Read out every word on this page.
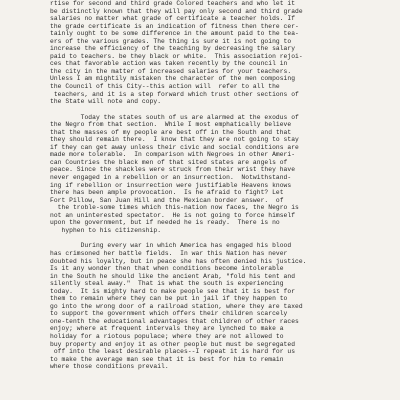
rtise for second and third grade Colored teachers and who let it
be distinctly known that they will pay only second and third grade
salaries no matter what grade of certificate a teacher holds. If
the grade certificate is an indication of fitness then there cer-
tainly ought to be some difference in the amount paid to the tea-
ers of the various grades. The thing is sure it is not going to
increase the efficiency of the teaching by decreasing the salary
paid to teachers. be they black or white.  This association rejoi-
ces that favorable action was taken recently by the council in
the city in the matter of increased salaries for your teachers.
Unless I am mightily mistaken the character of the men composing
the Council of this City--this action will  refer to all the
teachers, and it is a step forward which trust other sections of
the State will note and copy.
Today the states south of us are alarmed at the exodus of
the Negro from that section.  While I most emphatically believe
that the masses of my people are best off in the South and that
they should remain there.  I know that they are not going to stay
if they can get away unless their civic and social conditions are
made more tolerable.  In comparison with Negroes in other Ameri-
can Countries the black men of that sited states are angels of
peace. Since the shackles were struck from their wrist they have
never engaged in a rebellion or an insurrection.  Notwithstand-
ing if rebellion or insurrection were justifiable Heavens knows
there has been ample provocation.  Is he afraid to fight? Let
Fort Pillow, San Juan Hill and the Mexican border answer.  of
the troble-some times which this-nation now faces, the Negro is
not an uninterested spectator.  He is not going to force himself
upon the government, but if needed he is ready.  There is no
hyphen to his citizenship.
During every war in which America has engaged his blood
has crimsoned her battle fields.  In war this Nation has never
doubted his loyalty, but in peace she has often denied his justice.
Is it any wonder then that when conditions become intolerable
in the South he should like the ancient Arab, "fold his tent and
silently steal away."  That is what the south is experiencing
today.  It is mighty hard to make people see that it is best for
them to remain where they can be put in jail if they happen to
go into the wrong door of a railroad station, where they are taxed
to support the government which offers their children scarcely
one-tenth the educational advantages that children of other races
enjoy; where at frequent intervals they are lynched to make a
holiday for a riotous populace; where they are not allowed to
buy property and enjoy it as other people but must be segregated
off into the least desirable places--I repeat it is hard for us
to make the average man see that it is best for him to remain
where those conditions prevail.
